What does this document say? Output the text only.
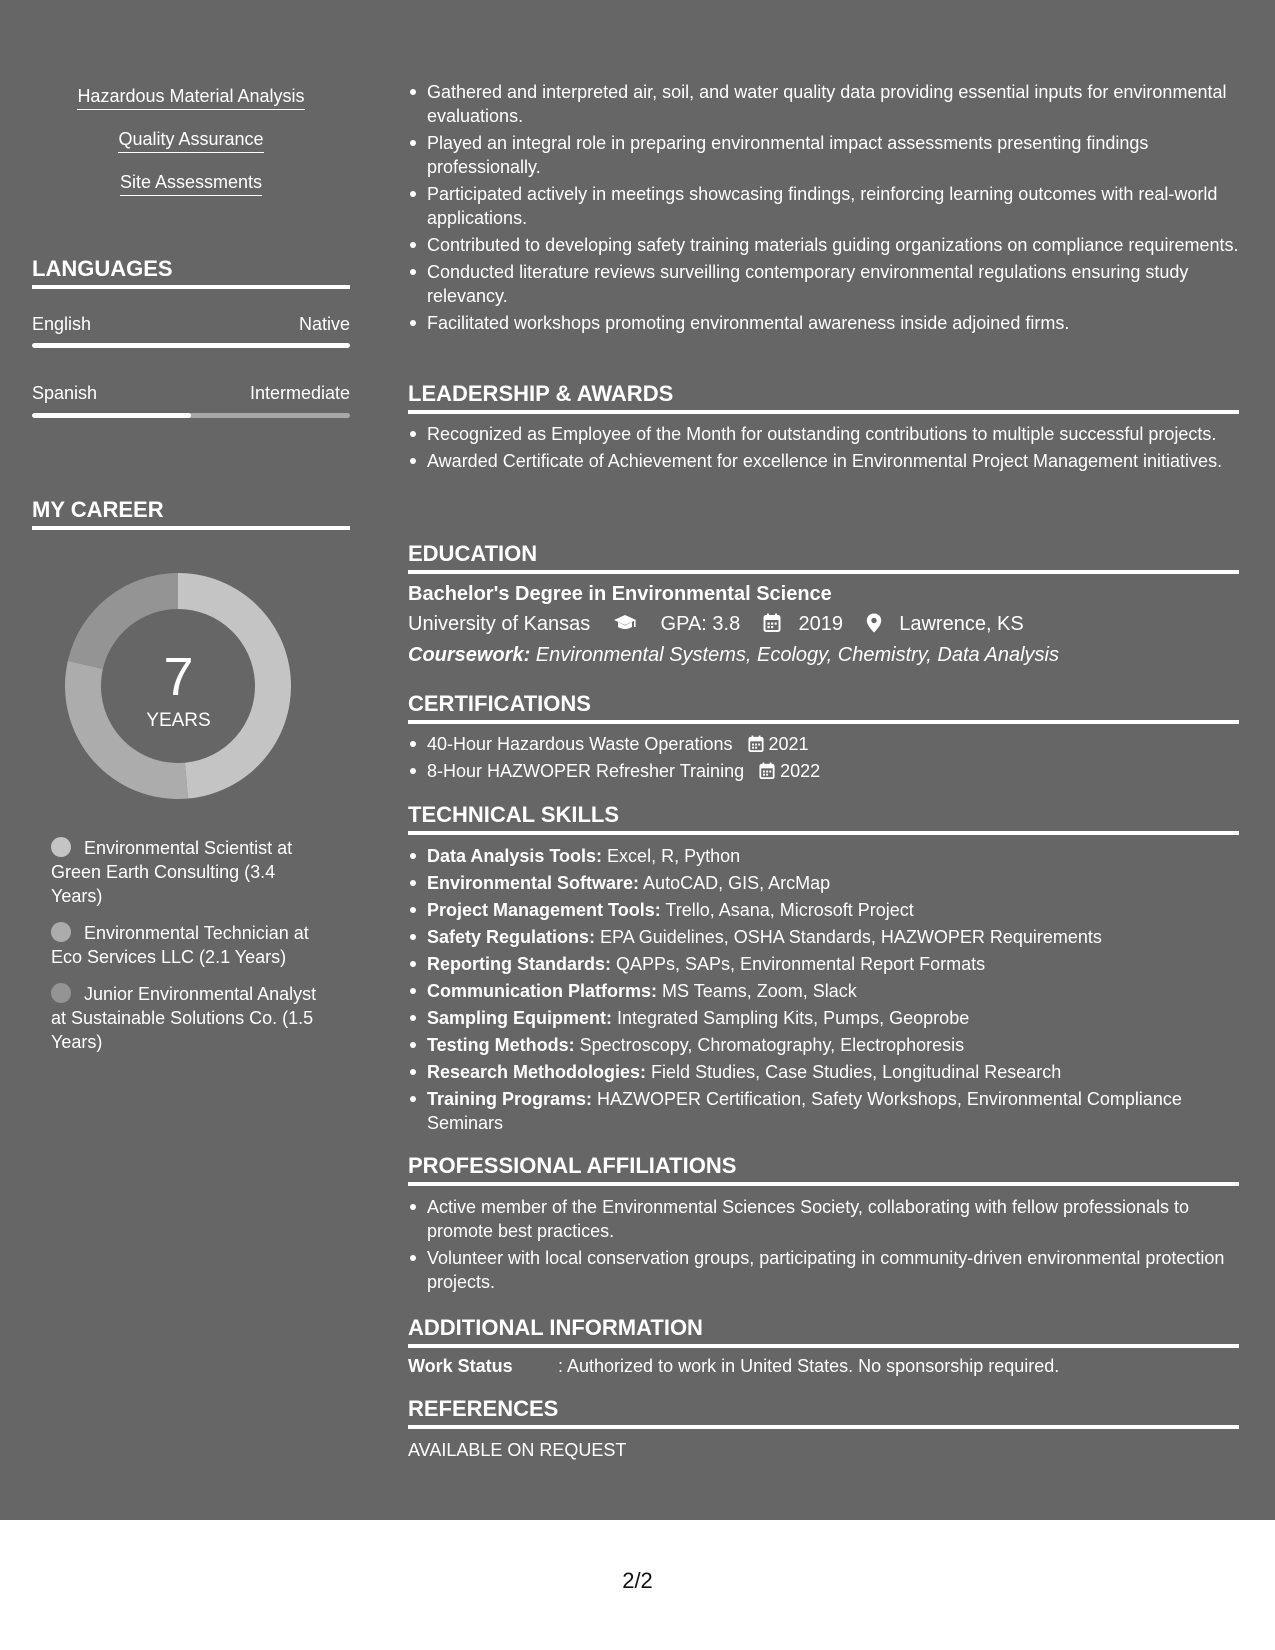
Hazardous Material Analysis
Quality Assurance
Site Assessments
LANGUAGES
English	Native
Spanish	Intermediate
MY CAREER
7
YEARS
Environmental Scientist at Green Earth Consulting (3.4 Years)
Environmental Technician at Eco Services LLC (2.1 Years)
Junior Environmental Analyst at Sustainable Solutions Co. (1.5 Years)
Gathered and interpreted air, soil, and water quality data providing essential inputs for environmental evaluations.
Played an integral role in preparing environmental impact assessments presenting findings professionally.
Participated actively in meetings showcasing findings, reinforcing learning outcomes with real-world applications.
Contributed to developing safety training materials guiding organizations on compliance requirements.
Conducted literature reviews surveilling contemporary environmental regulations ensuring study relevancy.
Facilitated workshops promoting environmental awareness inside adjoined firms.
LEADERSHIP & AWARDS
Recognized as Employee of the Month for outstanding contributions to multiple successful projects.
Awarded Certificate of Achievement for excellence in Environmental Project Management initiatives.
EDUCATION
Bachelor's Degree in Environmental Science
University of Kansas	GPA: 3.8	2019	Lawrence, KS
Coursework: Environmental Systems, Ecology, Chemistry, Data Analysis
CERTIFICATIONS
40-Hour Hazardous Waste Operations 2021
8-Hour HAZWOPER Refresher Training 2022
TECHNICAL SKILLS
Data Analysis Tools: Excel, R, Python
Environmental Software: AutoCAD, GIS, ArcMap
Project Management Tools: Trello, Asana, Microsoft Project
Safety Regulations: EPA Guidelines, OSHA Standards, HAZWOPER Requirements
Reporting Standards: QAPPs, SAPs, Environmental Report Formats
Communication Platforms: MS Teams, Zoom, Slack
Sampling Equipment: Integrated Sampling Kits, Pumps, Geoprobe
Testing Methods: Spectroscopy, Chromatography, Electrophoresis
Research Methodologies: Field Studies, Case Studies, Longitudinal Research
Training Programs: HAZWOPER Certification, Safety Workshops, Environmental Compliance Seminars
PROFESSIONAL AFFILIATIONS
Active member of the Environmental Sciences Society, collaborating with fellow professionals to promote best practices.
Volunteer with local conservation groups, participating in community-driven environmental protection projects.
ADDITIONAL INFORMATION
Work Status	: Authorized to work in United States. No sponsorship required.
REFERENCES
AVAILABLE ON REQUEST
2/2
